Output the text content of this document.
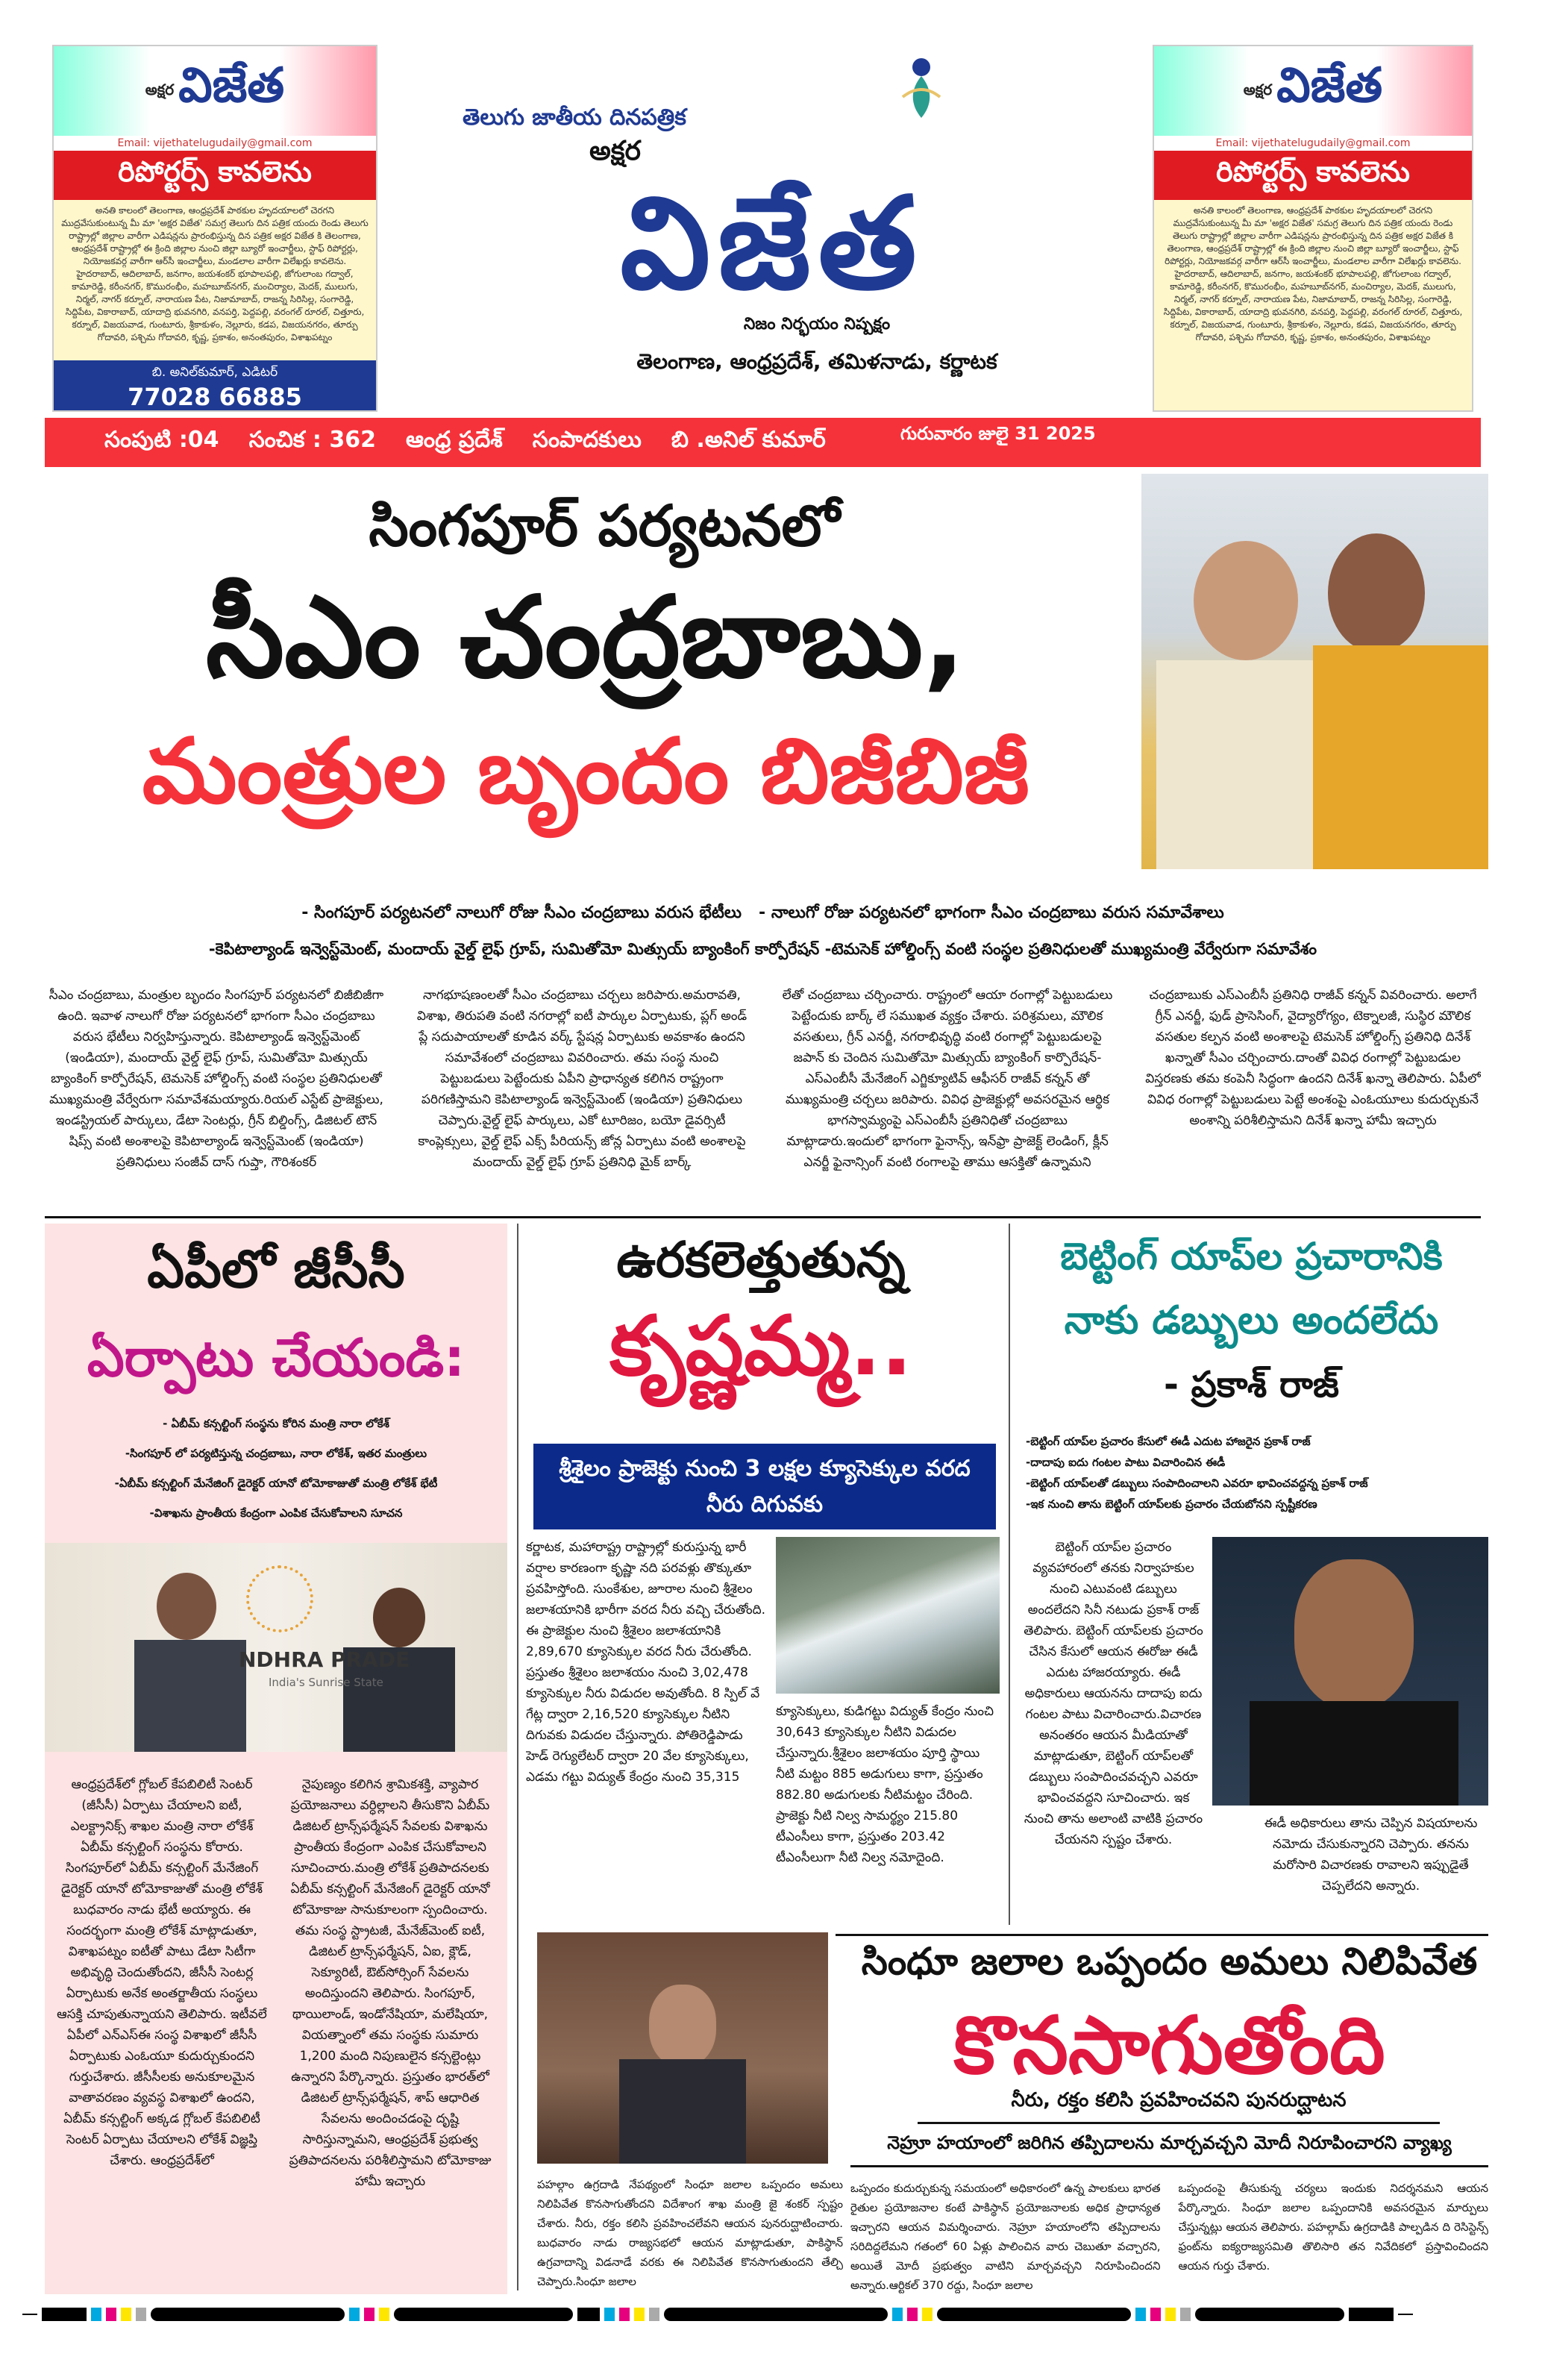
అక్షర విజేత
Email: vijethatelugudaily@gmail.com
రిపోర్టర్స్ కావలెను
అనతి కాలంలో తెలంగాణ, ఆంధ్రప్రదేశ్ పాఠకుల హృదయాలలో చెరగని ముద్రవేసుకుంటున్న మీ మా 'అక్షర విజేత' సమగ్ర తెలుగు దిన పత్రిక యందు రెండు తెలుగు రాష్ట్రాల్లో జిల్లాల వారీగా ఎడిషన్లను ప్రారంభిస్తున్న దిన పత్రిక అక్షర విజేత కి తెలంగాణ, ఆంధ్రప్రదేశ్ రాష్ట్రాల్లో ఈ క్రింది జిల్లాల నుంచి జిల్లా బ్యూరో ఇంచార్జీలు, స్టాఫ్ రిపోర్టర్లు, నియోజకవర్గ వారీగా ఆర్‌సీ ఇంచార్జీలు, మండలాల వారీగా విలేఖర్లు కావలెను. హైదరాబాద్, ఆదిలాబాద్, జనగాం, జయశంకర్ భూపాలపల్లి, జోగులాంబ గద్వాల్, కామారెడ్డి, కరీంనగర్, కొమురంభీం, మహబూబ్‌నగర్, మంచిర్యాల, మెదక్, ములుగు, నిర్మల్, నాగర్ కర్నూల్, నారాయణ పేట, నిజామాబాద్, రాజన్న సిరిసిల్ల, సంగారెడ్డి, సిద్దిపేట, వికారాబాద్, యాదాద్రి భువనగిరి, వనపర్తి, పెద్దపల్లి, వరంగల్ రూరల్, చిత్తూరు, కర్నూల్, విజయవాడ, గుంటూరు, శ్రీకాకుళం, నెల్లూరు, కడప, విజయనగరం, తూర్పు గోదావరి, పశ్చిమ గోదావరి, కృష్ణ, ప్రకాశం, అనంతపురం, విశాఖపట్నం
బి. అనిల్‌కుమార్, ఎడిటర్
77028 66885
అక్షర విజేత
Email: vijethatelugudaily@gmail.com
రిపోర్టర్స్ కావలెను
అనతి కాలంలో తెలంగాణ, ఆంధ్రప్రదేశ్ పాఠకుల హృదయాలలో చెరగని ముద్రవేసుకుంటున్న మీ మా 'అక్షర విజేత' సమగ్ర తెలుగు దిన పత్రిక యందు రెండు తెలుగు రాష్ట్రాల్లో జిల్లాల వారీగా ఎడిషన్లను ప్రారంభిస్తున్న దిన పత్రిక అక్షర విజేత కి తెలంగాణ, ఆంధ్రప్రదేశ్ రాష్ట్రాల్లో ఈ క్రింది జిల్లాల నుంచి జిల్లా బ్యూరో ఇంచార్జీలు, స్టాఫ్ రిపోర్టర్లు, నియోజకవర్గ వారీగా ఆర్‌సీ ఇంచార్జీలు, మండలాల వారీగా విలేఖర్లు కావలెను. హైదరాబాద్, ఆదిలాబాద్, జనగాం, జయశంకర్ భూపాలపల్లి, జోగులాంబ గద్వాల్, కామారెడ్డి, కరీంనగర్, కొమురంభీం, మహబూబ్‌నగర్, మంచిర్యాల, మెదక్, ములుగు, నిర్మల్, నాగర్ కర్నూల్, నారాయణ పేట, నిజామాబాద్, రాజన్న సిరిసిల్ల, సంగారెడ్డి, సిద్దిపేట, వికారాబాద్, యాదాద్రి భువనగిరి, వనపర్తి, పెద్దపల్లి, వరంగల్ రూరల్, చిత్తూరు, కర్నూల్, విజయవాడ, గుంటూరు, శ్రీకాకుళం, నెల్లూరు, కడప, విజయనగరం, తూర్పు గోదావరి, పశ్చిమ గోదావరి, కృష్ణ, ప్రకాశం, అనంతపురం, విశాఖపట్నం
తెలుగు జాతీయ దినపత్రిక
అక్షర
విజేత
నిజం నిర్భయం నిష్పక్షం
తెలంగాణ, ఆంధ్రప్రదేశ్, తమిళనాడు, కర్ణాటక
సంపుటి :04 సంచిక : 362 ఆంధ్ర ప్రదేశ్ సంపాదకులు బి .అనిల్ కుమార్	గురువారం జులై 31 2025
సింగపూర్ పర్యటనలో
సీఎం చంద్రబాబు,
మంత్రుల బృందం బిజీబిజీ
- సింగపూర్ పర్యటనలో నాలుగో రోజు సీఎం చంద్రబాబు వరుస భేటీలు - నాలుగో రోజు పర్యటనలో భాగంగా సీఎం చంద్రబాబు వరుస సమావేశాలు
-కెపిటాల్యాండ్ ఇన్వెస్ట్‌మెంట్, మందాయ్ వైల్డ్ లైఫ్ గ్రూప్, సుమితోమో మిత్సుయ్ బ్యాంకింగ్ కార్పోరేషన్ -టెమసెక్ హోల్డింగ్స్ వంటి సంస్థల ప్రతినిధులతో ముఖ్యమంత్రి వేర్వేరుగా సమావేశం
సీఎం చంద్రబాబు, మంత్రుల బృందం సింగపూర్ పర్యటనలో బిజీబిజీగా ఉంది. ఇవాళ నాలుగో రోజు పర్యటనలో భాగంగా సీఎం చంద్రబాబు వరుస భేటీలు నిర్వహిస్తున్నారు. కెపిటాల్యాండ్ ఇన్వెస్ట్‌మెంట్ (ఇండియా), మందాయ్ వైల్డ్ లైఫ్ గ్రూప్, సుమితోమో మిత్సుయ్ బ్యాంకింగ్ కార్పోరేషన్, టెమసెక్ హోల్డింగ్స్ వంటి సంస్థల ప్రతినిధులతో ముఖ్యమంత్రి వేర్వేరుగా సమావేశమయ్యారు.రియల్ ఎస్టేట్ ప్రాజెక్టులు, ఇండస్ట్రియల్ పార్కులు, డేటా సెంటర్లు, గ్రీన్ బిల్డింగ్స్, డిజిటల్ టౌన్ షిప్స్ వంటి అంశాలపై కెపిటాల్యాండ్ ఇన్వెస్ట్‌మెంట్ (ఇండియా) ప్రతినిధులు సంజీవ్ దాస్ గుప్తా, గౌరిశంకర్
నాగభూషణంలతో సీఎం చంద్రబాబు చర్చలు జరిపారు.అమరావతి, విశాఖ, తిరుపతి వంటి నగరాల్లో ఐటీ పార్కుల ఏర్పాటుకు, ప్లగ్ అండ్ ప్లే సదుపాయాలతో కూడిన వర్క్ స్టేషన్ల ఏర్పాటుకు అవకాశం ఉందని సమావేశంలో చంద్రబాబు వివరించారు. తమ సంస్థ నుంచి పెట్టుబడులు పెట్టేందుకు ఏపీని ప్రాధాన్యత కలిగిన రాష్ట్రంగా పరిగణిస్తామని కెపిటాల్యాండ్ ఇన్వెస్ట్‌మెంట్ (ఇండియా) ప్రతినిధులు చెప్పారు.వైల్డ్ లైఫ్ పార్కులు, ఎకో టూరిజం, బయో డైవర్సిటీ కాంప్లెక్సులు, వైల్డ్ లైఫ్ ఎక్స్ పీరియన్స్ జోన్ల ఏర్పాటు వంటి అంశాలపై మందాయ్ వైల్డ్ లైఫ్ గ్రూప్ ప్రతినిధి మైక్ బార్క్
లేతో చంద్రబాబు చర్చించారు. రాష్ట్రంలో ఆయా రంగాల్లో పెట్టుబడులు పెట్టేందుకు బార్క్ లే సముఖత వ్యక్తం చేశారు. పరిశ్రమలు, మౌలిక వసతులు, గ్రీన్ ఎనర్జీ, నగరాభివృద్ధి వంటి రంగాల్లో పెట్టుబడులపై జపాన్ కు చెందిన సుమితోమో మిత్సుయ్ బ్యాంకింగ్ కార్పొరేషన్-ఎస్ఎంబీసీ మేనేజింగ్ ఎగ్జిక్యూటివ్ ఆఫీసర్ రాజీవ్ కన్నన్ తో ముఖ్యమంత్రి చర్చలు జరిపారు. వివిధ ప్రాజెక్టుల్లో అవసరమైన ఆర్థిక భాగస్వామ్యంపై ఎస్ఎంబీసీ ప్రతినిధితో చంద్రబాబు మాట్లాడారు.ఇందులో భాగంగా ఫైనాన్స్, ఇన్‌ఫ్రా ప్రాజెక్ట్ లెండింగ్, క్లీన్ ఎనర్జీ ఫైనాన్సింగ్ వంటి రంగాలపై తాము ఆసక్తితో ఉన్నామని
చంద్రబాబుకు ఎస్ఎంబీసీ ప్రతినిధి రాజీవ్ కన్నన్ వివరించారు. అలాగే గ్రీన్ ఎనర్జీ, ఫుడ్ ప్రాసెసింగ్, వైద్యారోగ్యం, టెక్నాలజీ, సుస్థిర మౌలిక వసతుల కల్పన వంటి అంశాలపై టెమసెక్ హోల్డింగ్స్ ప్రతినిధి దినేశ్ ఖన్నాతో సీఎం చర్చించారు.దాంతో వివిధ రంగాల్లో పెట్టుబడుల విస్తరణకు తమ కంపెనీ సిద్ధంగా ఉందని దినేశ్ ఖన్నా తెలిపారు. ఏపీలో వివిధ రంగాల్లో పెట్టుబడులు పెట్టే అంశంపై ఎంఓయూలు కుదుర్చుకునే అంశాన్ని పరిశీలిస్తామని దినేశ్ ఖన్నా హామీ ఇచ్చారు
ఏపీలో జీసీసీ
ఏర్పాటు చేయండి:
- ఏబీమ్ కన్సల్టింగ్ సంస్థను కోరిన మంత్రి నారా లోకేశ్
-సింగపూర్ లో పర్యటిస్తున్న చంద్రబాబు, నారా లోకేశ్, ఇతర మంత్రులు
-ఏబీమ్ కన్సల్టింగ్ మేనేజింగ్ డైరెక్టర్ యానో టోమోకాజుతో మంత్రి లోకేశ్ భేటీ
-విశాఖను ప్రాంతీయ కేంద్రంగా ఎంపిక చేసుకోవాలని సూచన
NDHRA PRADE
India's Sunrise State
ఆంధ్రప్రదేశ్‌లో గ్లోబల్ కేపబిలిటీ సెంటర్ (జీసీసీ) ఏర్పాటు చేయాలని ఐటీ, ఎలక్ట్రానిక్స్ శాఖల మంత్రి నారా లోకేశ్ ఏబీమ్ కన్సల్టింగ్ సంస్థను కోరారు. సింగపూర్‌లో ఏబీమ్ కన్సల్టింగ్ మేనేజింగ్ డైరెక్టర్ యానో టోమోకాజుతో మంత్రి లోకేశ్ బుధవారం నాడు భేటీ అయ్యారు. ఈ సందర్భంగా మంత్రి లోకేశ్ మాట్లాడుతూ, విశాఖపట్నం ఐటీతో పాటు డేటా సిటీగా అభివృద్ధి చెందుతోందని, జీసీసీ సెంటర్ల ఏర్పాటుకు అనేక అంతర్జాతీయ సంస్థలు ఆసక్తి చూపుతున్నాయని తెలిపారు. ఇటీవలే ఏపీలో ఎన్ఎస్‌ఈ సంస్థ విశాఖలో జీసీసీ ఏర్పాటుకు ఎంఓయూ కుదుర్చుకుందని గుర్తుచేశారు. జీసీసీలకు అనుకూలమైన వాతావరణం వ్యవస్థ విశాఖలో ఉందని, ఏబీమ్ కన్సల్టింగ్ అక్కడ గ్లోబల్ కేపబిలిటీ సెంటర్ ఏర్పాటు చేయాలని లోకేశ్ విజ్ఞప్తి చేశారు. ఆంధ్రప్రదేశ్‌లో
నైపుణ్యం కలిగిన శ్రామికశక్తి, వ్యాపార ప్రయోజనాలు వర్ధిల్లాలని తీసుకొని ఏబీమ్ డిజిటల్ ట్రాన్స్‌ఫర్మేషన్ సేవలకు విశాఖను ప్రాంతీయ కేంద్రంగా ఎంపిక చేసుకోవాలని సూచించారు.మంత్రి లోకేశ్ ప్రతిపాదనలకు ఏబీమ్ కన్సల్టింగ్ మేనేజింగ్ డైరెక్టర్ యానో టోమోకాజు సానుకూలంగా స్పందించారు. తమ సంస్థ స్ట్రాటజీ, మేనేజ్‌మెంట్ ఐటీ, డిజిటల్ ట్రాన్స్‌ఫర్మేషన్, ఏఐ, క్లౌడ్, సెక్యూరిటీ, ఔట్‌సోర్సింగ్ సేవలను అందిస్తుందని తెలిపారు. సింగపూర్, థాయిలాండ్, ఇండోనేషియా, మలేషియా, వియత్నాంలో తమ సంస్థకు సుమారు 1,200 మంది నిపుణులైన కన్సల్టెంట్లు ఉన్నారని పేర్కొన్నారు. ప్రస్తుతం భారత్‌లో డిజిటల్ ట్రాన్స్‌ఫర్మేషన్, శాప్ ఆధారిత సేవలను అందించడంపై దృష్టి సారిస్తున్నామని, ఆంధ్రప్రదేశ్ ప్రభుత్వ ప్రతిపాదనలను పరిశీలిస్తామని టోమోకాజు హామీ ఇచ్చారు
ఉరకలెత్తుతున్న
కృష్ణమ్మ..
శ్రీశైలం ప్రాజెక్టు నుంచి 3 లక్షల క్యూసెక్కుల వరద నీరు దిగువకు
కర్ణాటక, మహారాష్ట్ర రాష్ట్రాల్లో కురుస్తున్న భారీ వర్షాల కారణంగా కృష్ణా నది పరవళ్లు తొక్కుతూ ప్రవహిస్తోంది. సుంకేశుల, జూరాల నుంచి శ్రీశైలం జలాశయానికి భారీగా వరద నీరు వచ్చి చేరుతోంది. ఈ ప్రాజెక్టుల నుంచి శ్రీశైలం జలాశయానికి 2,89,670 క్యూసెక్కుల వరద నీరు చేరుతోంది. ప్రస్తుతం శ్రీశైలం జలాశయం నుంచి 3,02,478 క్యూసెక్కుల నీరు విడుదల అవుతోంది. 8 స్పిల్ వే గేట్ల ద్వారా 2,16,520 క్యూసెక్కుల నీటిని దిగువకు విడుదల చేస్తున్నారు. పోతిరెడ్డిపాడు హెడ్ రెగ్యులేటర్ ద్వారా 20 వేల క్యూసెక్కులు, ఎడమ గట్టు విద్యుత్ కేంద్రం నుంచి 35,315
క్యూసెక్కులు, కుడిగట్టు విద్యుత్ కేంద్రం నుంచి 30,643 క్యూసెక్కుల నీటిని విడుదల చేస్తున్నారు.శ్రీశైలం జలాశయం పూర్తి స్థాయి నీటి మట్టం 885 అడుగులు కాగా, ప్రస్తుతం 882.80 అడుగులకు నీటిమట్టం చేరింది. ప్రాజెక్టు నీటి నిల్వ సామర్థ్యం 215.80 టీఎంసీలు కాగా, ప్రస్తుతం 203.42 టీఎంసీలుగా నీటి నిల్వ నమోదైంది.
బెట్టింగ్ యాప్‌ల ప్రచారానికి
నాకు డబ్బులు అందలేదు
- ప్రకాశ్ రాజ్
-బెట్టింగ్ యాప్‌ల ప్రచారం కేసులో ఈడీ ఎదుట హాజరైన ప్రకాశ్ రాజ్
-దాదాపు ఐదు గంటల పాటు విచారించిన ఈడీ
-బెట్టింగ్ యాప్‌లతో డబ్బులు సంపాదించాలని ఎవరూ భావించవద్దన్న ప్రకాశ్ రాజ్
-ఇక నుంచి తాను బెట్టింగ్ యాప్‌లకు ప్రచారం చేయబోనని స్పష్టీకరణ
బెట్టింగ్ యాప్‌ల ప్రచారం వ్యవహారంలో తనకు నిర్వాహకుల నుంచి ఎటువంటి డబ్బులు అందలేదని సినీ నటుడు ప్రకాశ్ రాజ్ తెలిపారు. బెట్టింగ్ యాప్‌లకు ప్రచారం చేసిన కేసులో ఆయన ఈరోజు ఈడీ ఎదుట హాజరయ్యారు. ఈడీ అధికారులు ఆయనను దాదాపు ఐదు గంటల పాటు విచారించారు.విచారణ అనంతరం ఆయన మీడియాతో మాట్లాడుతూ, బెట్టింగ్ యాప్‌లతో డబ్బులు సంపాదించవచ్చని ఎవరూ భావించవద్దని సూచించారు. ఇక నుంచి తాను అలాంటి వాటికి ప్రచారం చేయనని స్పష్టం చేశారు.
ఈడీ అధికారులు తాను చెప్పిన విషయాలను నమోదు చేసుకున్నారని చెప్పారు. తనను మరోసారి విచారణకు రావాలని ఇప్పుడైతే చెప్పలేదని అన్నారు.
పహల్గాం ఉగ్రదాడి నేపథ్యంలో సింధూ జలాల ఒప్పందం అమలు నిలిపివేత కొనసాగుతోందని విదేశాంగ శాఖ మంత్రి జై శంకర్ స్పష్టం చేశారు. నీరు, రక్తం కలిసి ప్రవహించలేవని ఆయన పునరుద్ఘాటించారు. బుధవారం నాడు రాజ్యసభలో ఆయన మాట్లాడుతూ, పాకిస్థాన్ ఉగ్రవాదాన్ని విడనాడే వరకు ఈ నిలిపివేత కొనసాగుతుందని తేల్చి చెప్పారు.సింధూ జలాల
సింధూ జలాల ఒప్పందం అమలు నిలిపివేత
కొనసాగుతోంది
నీరు, రక్తం కలిసి ప్రవహించవని పునరుద్ఘాటన
నెహ్రూ హయాంలో జరిగిన తప్పిదాలను మార్చవచ్చని మోదీ నిరూపించారని వ్యాఖ్య
ఒప్పందం కుదుర్చుకున్న సమయంలో అధికారంలో ఉన్న పాలకులు భారత రైతుల ప్రయోజనాల కంటే పాకిస్థాన్ ప్రయోజనాలకు అధిక ప్రాధాన్యత ఇచ్చారని ఆయన విమర్శించారు. నెహ్రూ హయాంలోని తప్పిదాలను సరిదిద్దలేమని గతంలో 60 ఏళ్లు పాలించిన వారు చెబుతూ వచ్చారని, అయితే మోదీ ప్రభుత్వం వాటిని మార్చవచ్చని నిరూపించిందని అన్నారు.ఆర్టికల్ 370 రద్దు, సింధూ జలాల
ఒప్పందంపై తీసుకున్న చర్యలు ఇందుకు నిదర్శనమని ఆయన పేర్కొన్నారు. సింధూ జలాల ఒప్పందానికి అవసరమైన మార్పులు చేస్తున్నట్లు ఆయన తెలిపారు. పహల్గామ్ ఉగ్రదాడికి పాల్పడిన ది రెసిస్టెన్స్ ఫ్రంట్‌ను ఐక్యరాజ్యసమితి తొలిసారి తన నివేదికలో ప్రస్తావించిందని ఆయన గుర్తు చేశారు.
